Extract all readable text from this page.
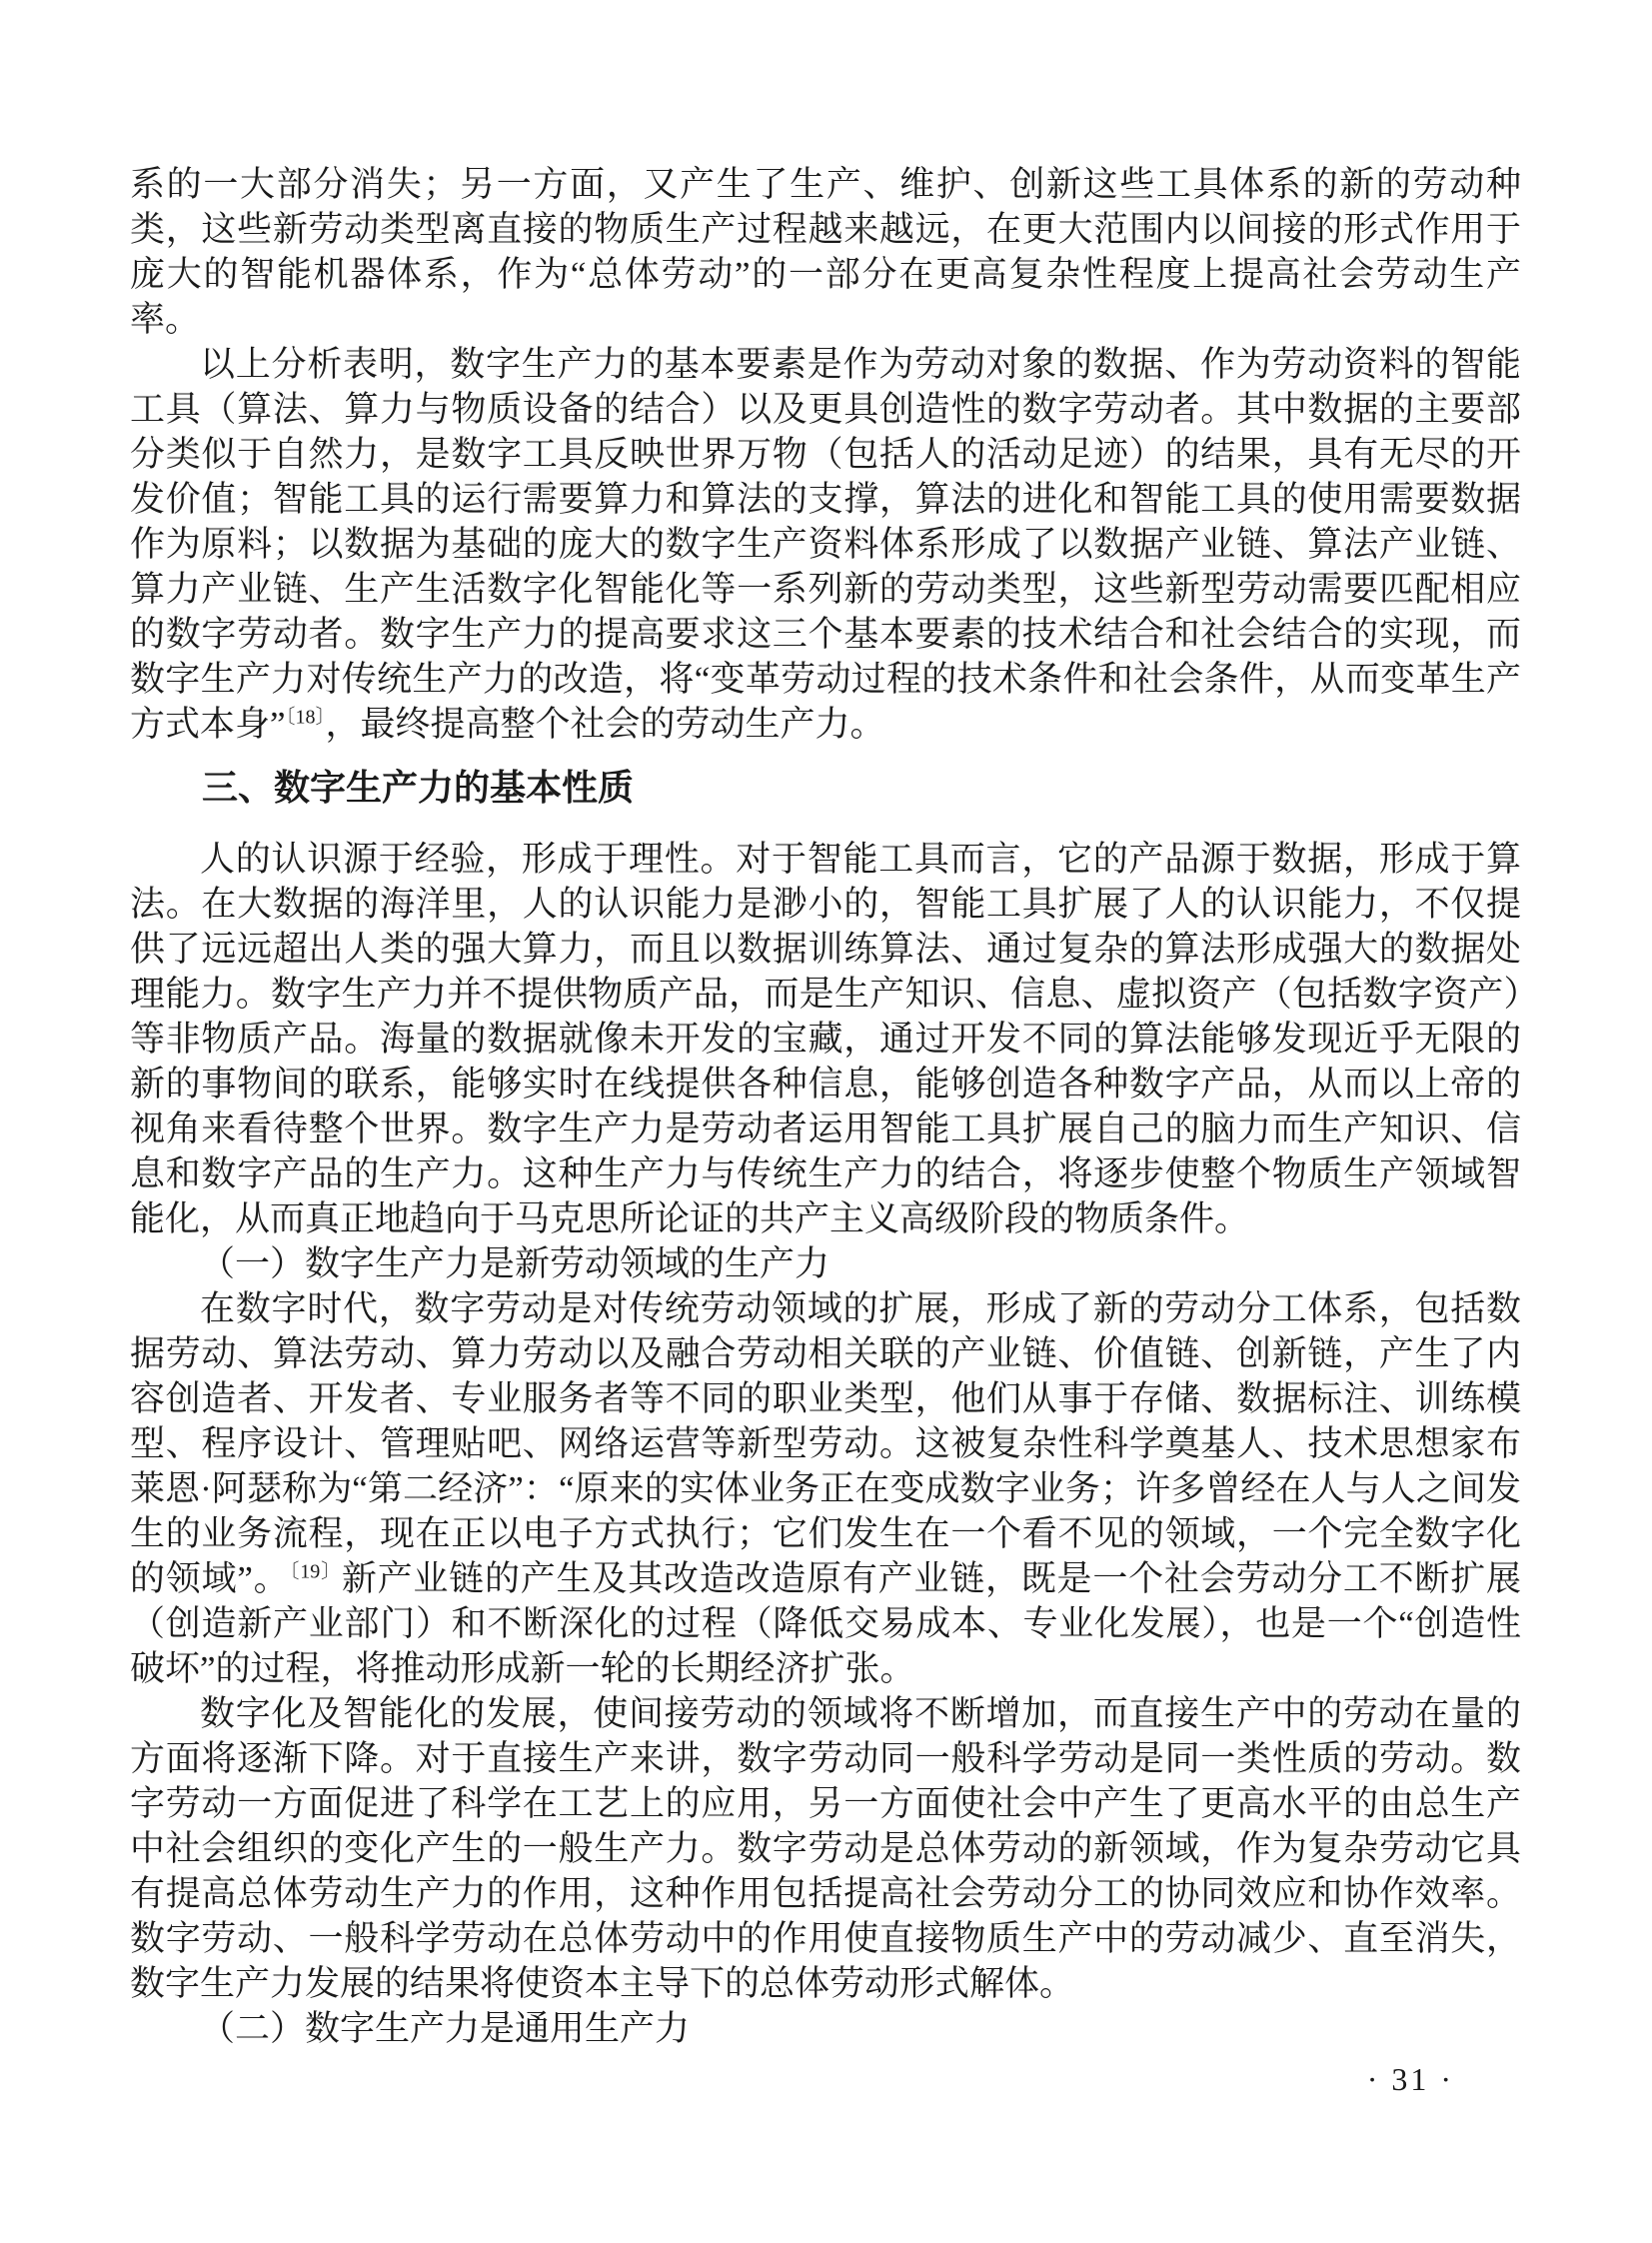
系的一大部分消失；另一方面，又产生了生产、维护、创新这些工具体系的新的劳动种类，这些新劳动类型离直接的物质生产过程越来越远，在更大范围内以间接的形式作用于庞大的智能机器体系，作为“总体劳动”的一部分在更高复杂性程度上提高社会劳动生产率。

以上分析表明，数字生产力的基本要素是作为劳动对象的数据、作为劳动资料的智能工具（算法、算力与物质设备的结合）以及更具创造性的数字劳动者。其中数据的主要部分类似于自然力，是数字工具反映世界万物（包括人的活动足迹）的结果，具有无尽的开发价值；智能工具的运行需要算力和算法的支撑，算法的进化和智能工具的使用需要数据作为原料；以数据为基础的庞大的数字生产资料体系形成了以数据产业链、算法产业链、算力产业链、生产生活数字化智能化等一系列新的劳动类型，这些新型劳动需要匹配相应的数字劳动者。数字生产力的提高要求这三个基本要素的技术结合和社会结合的实现，而数字生产力对传统生产力的改造，将“变革劳动过程的技术条件和社会条件，从而变革生产方式本身”$^{〔18〕}$，最终提高整个社会的劳动生产力。

三、数字生产力的基本性质

人的认识源于经验，形成于理性。对于智能工具而言，它的产品源于数据，形成于算法。在大数据的海洋里，人的认识能力是渺小的，智能工具扩展了人的认识能力，不仅提供了远远超出人类的强大算力，而且以数据训练算法、通过复杂的算法形成强大的数据处理能力。数字生产力并不提供物质产品，而是生产知识、信息、虚拟资产（包括数字资产）等非物质产品。海量的数据就像未开发的宝藏，通过开发不同的算法能够发现近乎无限的新的事物间的联系，能够实时在线提供各种信息，能够创造各种数字产品，从而以上帝的视角来看待整个世界。数字生产力是劳动者运用智能工具扩展自己的脑力而生产知识、信息和数字产品的生产力。这种生产力与传统生产力的结合，将逐步使整个物质生产领域智能化，从而真正地趋向于马克思所论证的共产主义高级阶段的物质条件。

（一）数字生产力是新劳动领域的生产力

在数字时代，数字劳动是对传统劳动领域的扩展，形成了新的劳动分工体系，包括数据劳动、算法劳动、算力劳动以及融合劳动相关联的产业链、价值链、创新链，产生了内容创造者、开发者、专业服务者等不同的职业类型，他们从事于存储、数据标注、训练模型、程序设计、管理贴吧、网络运营等新型劳动。这被复杂性科学奠基人、技术思想家布莱恩·阿瑟称为“第二经济”：“原来的实体业务正在变成数字业务；许多曾经在人与人之间发生的业务流程，现在正以电子方式执行；它们发生在一个看不见的领域，一个完全数字化的领域”。$^{〔19〕}$新产业链的产生及其改造改造原有产业链，既是一个社会劳动分工不断扩展（创造新产业部门）和不断深化的过程（降低交易成本、专业化发展），也是一个“创造性破坏”的过程，将推动形成新一轮的长期经济扩张。

数字化及智能化的发展，使间接劳动的领域将不断增加，而直接生产中的劳动在量的方面将逐渐下降。对于直接生产来讲，数字劳动同一般科学劳动是同一类性质的劳动。数字劳动一方面促进了科学在工艺上的应用，另一方面使社会中产生了更高水平的由总生产中社会组织的变化产生的一般生产力。数字劳动是总体劳动的新领域，作为复杂劳动它具有提高总体劳动生产力的作用，这种作用包括提高社会劳动分工的协同效应和协作效率。数字劳动、一般科学劳动在总体劳动中的作用使直接物质生产中的劳动减少、直至消失，数字生产力发展的结果将使资本主导下的总体劳动形式解体。

（二）数字生产力是通用生产力

· 31 ·
